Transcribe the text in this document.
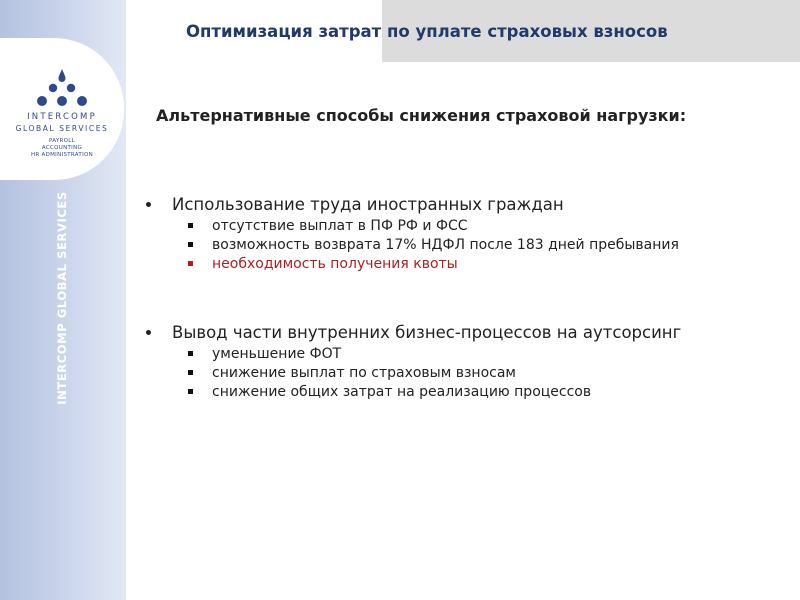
INTERCOMP
GLOBAL SERVICES
PAYROLL
ACCOUNTING
HR ADMINISTRATION
INTERCOMP GLOBAL SERVICES
Оптимизация затрат по уплате страховых взносов

Альтернативные способы снижения страховой нагрузки:

Использование труда иностранных граждан
отсутствие выплат в ПФ РФ и ФСС
возможность возврата 17% НДФЛ после 183 дней пребывания
необходимость получения квоты
Вывод части внутренних бизнес-процессов на аутсорсинг
уменьшение ФОТ
снижение выплат по страховым взносам
снижение общих затрат на реализацию процессов
